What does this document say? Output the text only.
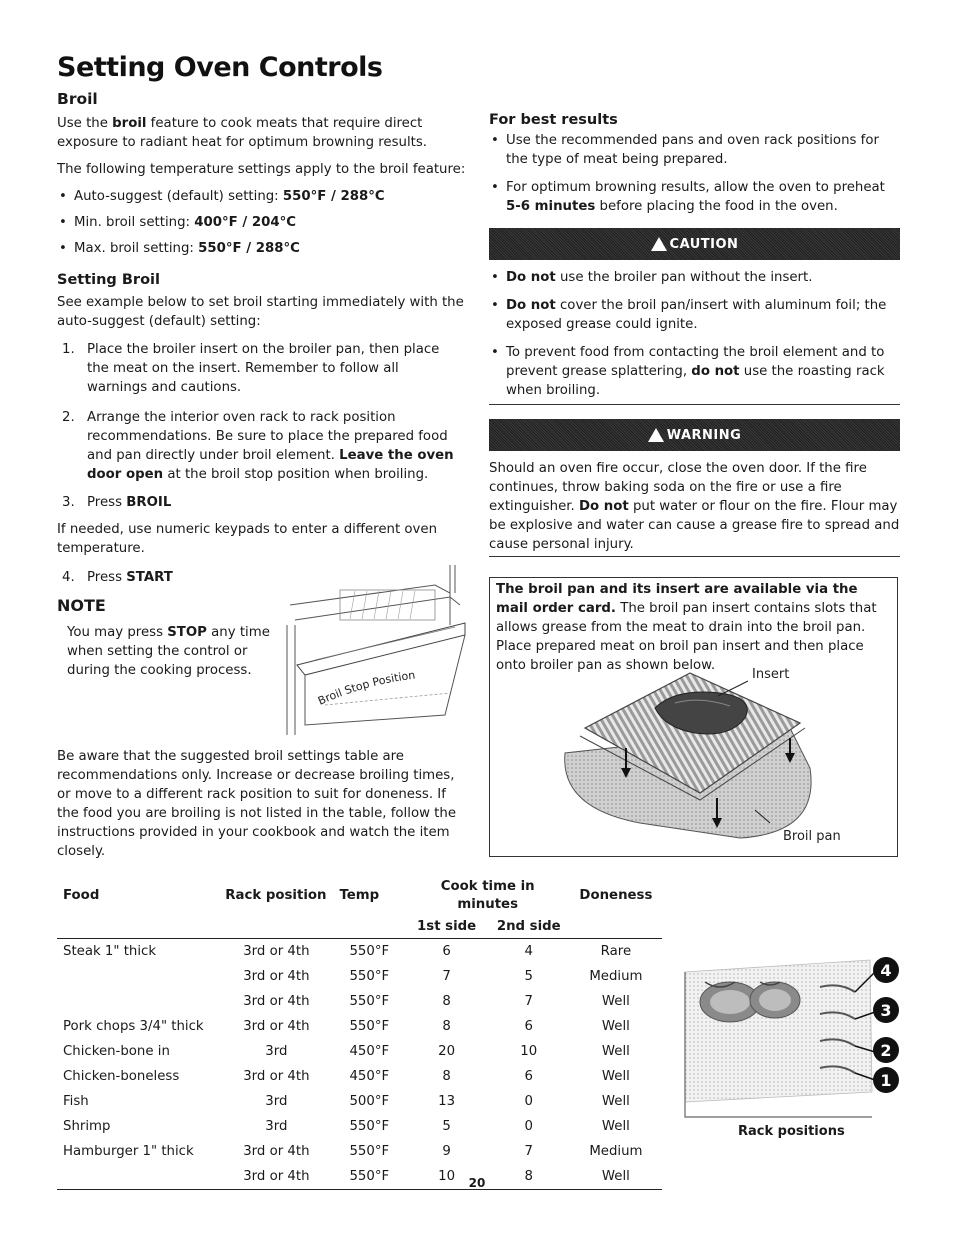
Setting Oven Controls
Broil

Use the broil feature to cook meats that require direct exposure to radiant heat for optimum browning results.

The following temperature settings apply to the broil feature:

• Auto-suggest (default) setting: 550°F / 288°C
• Min. broil setting: 400°F / 204°C
• Max. broil setting: 550°F / 288°C
Setting Broil

See example below to set broil starting immediately with the auto-suggest (default) setting:

1. Place the broiler insert on the broiler pan, then place the meat on the insert. Remember to follow all warnings and cautions.
2. Arrange the interior oven rack to rack position recommendations. Be sure to place the prepared food and pan directly under broil element. Leave the oven door open at the broil stop position when broiling.
3. Press BROIL

If needed, use numeric keypads to enter a different oven temperature.

4. Press START
NOTE

You may press STOP any time when setting the control or during the cooking process.

Broil Stop Position

Be aware that the suggested broil settings table are recommendations only. Increase or decrease broiling times, or move to a different rack position to suit for doneness. If the food you are broiling is not listed in the table, follow the instructions provided in your cookbook and watch the item closely.

For best results
• Use the recommended pans and oven rack positions for the type of meat being prepared.
• For optimum browning results, allow the oven to preheat 5-6 minutes before placing the food in the oven.
CAUTION
• Do not use the broiler pan without the insert.
• Do not cover the broil pan/insert with aluminum foil; the exposed grease could ignite.
• To prevent food from contacting the broil element and to prevent grease splattering, do not use the roasting rack when broiling.
WARNING

Should an oven fire occur, close the oven door. If the fire continues, throw baking soda on the fire or use a fire extinguisher. Do not put water or flour on the fire. Flour may be explosive and water can cause a grease fire to spread and cause personal injury.

The broil pan and its insert are available via the mail order card. The broil pan insert contains slots that allows grease from the meat to drain into the broil pan. Place prepared meat on broil pan insert and then place onto broiler pan as shown below.

Insert
Broil pan
Food	Rack position	Temp	Cook time in minutes		Doneness
			1st side	2nd side	
Steak 1" thick	3rd or 4th	550°F	6	4	Rare
	3rd or 4th	550°F	7	5	Medium
	3rd or 4th	550°F	8	7	Well
Pork chops 3/4" thick	3rd or 4th	550°F	8	6	Well
Chicken-bone in	3rd	450°F	20	10	Well
Chicken-boneless	3rd or 4th	450°F	8	6	Well
Fish	3rd	500°F	13	0	Well
Shrimp	3rd	550°F	5	0	Well
Hamburger 1" thick	3rd or 4th	550°F	9	7	Medium
	3rd or 4th	550°F	10	8	Well
4
3
2
1
Rack positions
20
